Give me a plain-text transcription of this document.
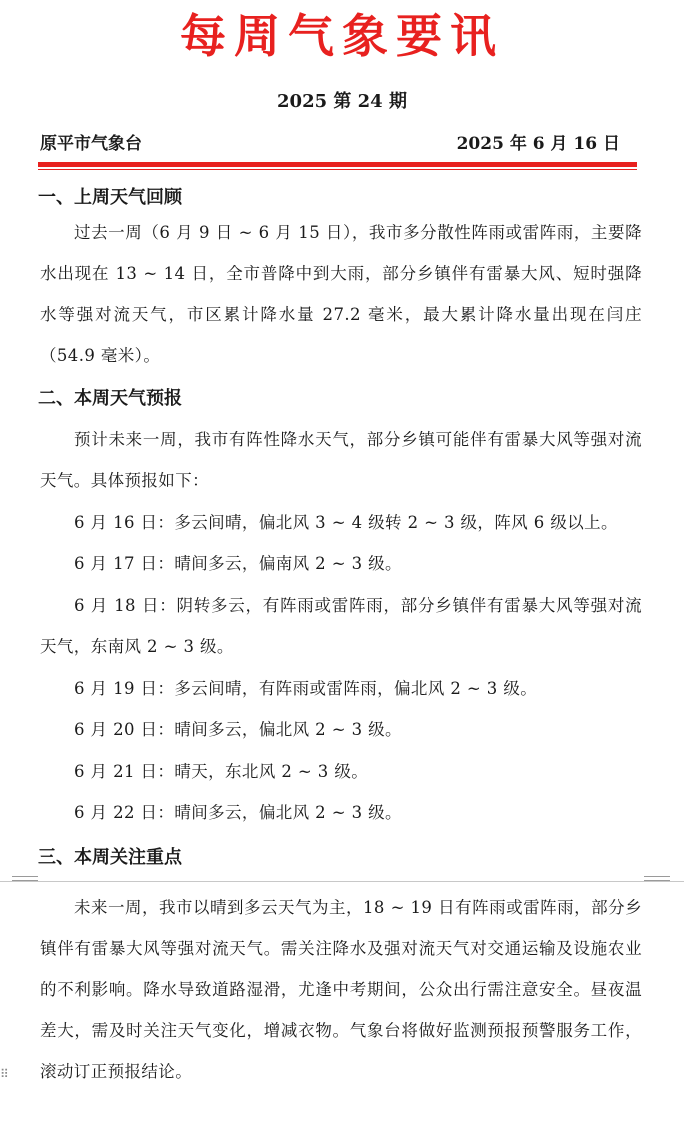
每周气象要讯
2025 第 24 期
原平市气象台	2025 年 6 月 16 日
一、上周天气回顾
过去一周（6 月 9 日 ~ 6 月 15 日），我市多分散性阵雨或雷阵雨，主要降水出现在 13 ~ 14 日，全市普降中到大雨，部分乡镇伴有雷暴大风、短时强降水等强对流天气，市区累计降水量 27.2 毫米，最大累计降水量出现在闫庄（54.9 毫米）。
二、本周天气预报
预计未来一周，我市有阵性降水天气，部分乡镇可能伴有雷暴大风等强对流天气。具体预报如下：
6 月 16 日：多云间晴，偏北风 3 ~ 4 级转 2 ~ 3 级，阵风 6 级以上。
6 月 17 日：晴间多云，偏南风 2 ~ 3 级。
6 月 18 日：阴转多云，有阵雨或雷阵雨，部分乡镇伴有雷暴大风等强对流天气，东南风 2 ~ 3 级。
6 月 19 日：多云间晴，有阵雨或雷阵雨，偏北风 2 ~ 3 级。
6 月 20 日：晴间多云，偏北风 2 ~ 3 级。
6 月 21 日：晴天，东北风 2 ~ 3 级。
6 月 22 日：晴间多云，偏北风 2 ~ 3 级。
三、本周关注重点
未来一周，我市以晴到多云天气为主，18 ~ 19 日有阵雨或雷阵雨，部分乡镇伴有雷暴大风等强对流天气。需关注降水及强对流天气对交通运输及设施农业的不利影响。降水导致道路湿滑，尤逢中考期间，公众出行需注意安全。昼夜温差大，需及时关注天气变化，增减衣物。气象台将做好监测预报预警服务工作，滚动订正预报结论。
⠿
